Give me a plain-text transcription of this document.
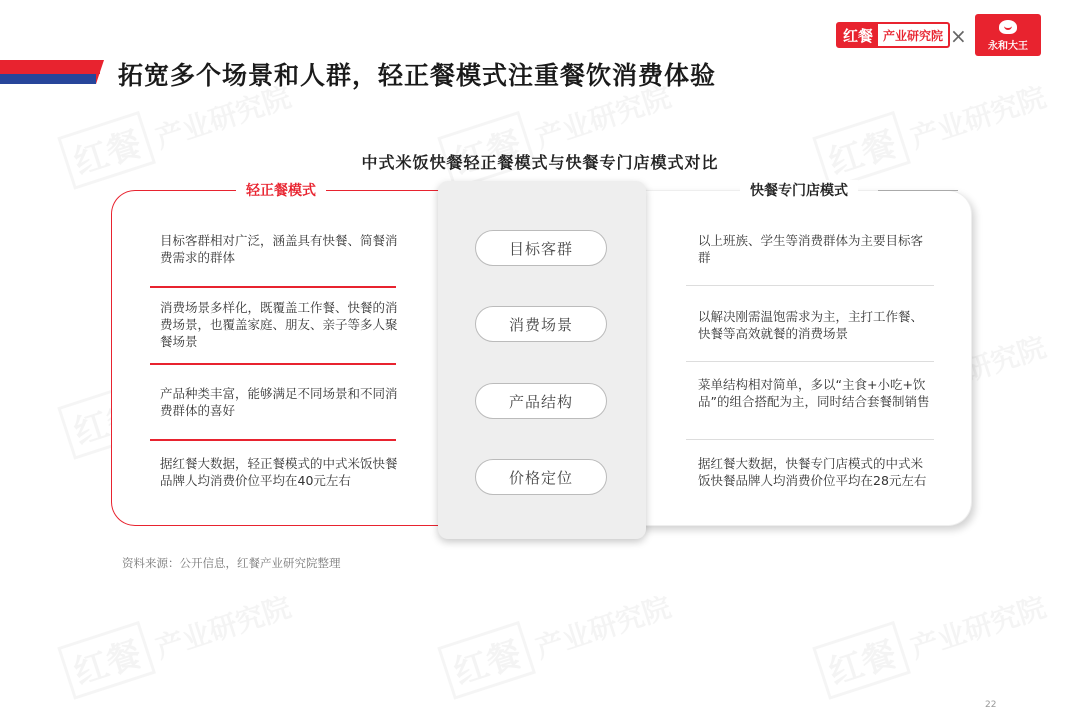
拓宽多个场景和人群，轻正餐模式注重餐饮消费体验
红餐 产业研究院 × 永和大王
中式米饭快餐轻正餐模式与快餐专门店模式对比
轻正餐模式	快餐专门店模式
目标客群相对广泛，涵盖具有快餐、简餐消费需求的群体
消费场景多样化，既覆盖工作餐、快餐的消费场景，也覆盖家庭、朋友、亲子等多人聚餐场景
产品种类丰富，能够满足不同场景和不同消费群体的喜好
据红餐大数据，轻正餐模式的中式米饭快餐品牌人均消费价位平均在40元左右
目标客群
消费场景
产品结构
价格定位
以上班族、学生等消费群体为主要目标客群
以解决刚需温饱需求为主，主打工作餐、快餐等高效就餐的消费场景
菜单结构相对简单，多以“主食+小吃+饮品”的组合搭配为主，同时结合套餐制销售
据红餐大数据，快餐专门店模式的中式米饭快餐品牌人均消费价位平均在28元左右
资料来源：公开信息，红餐产业研究院整理
22
